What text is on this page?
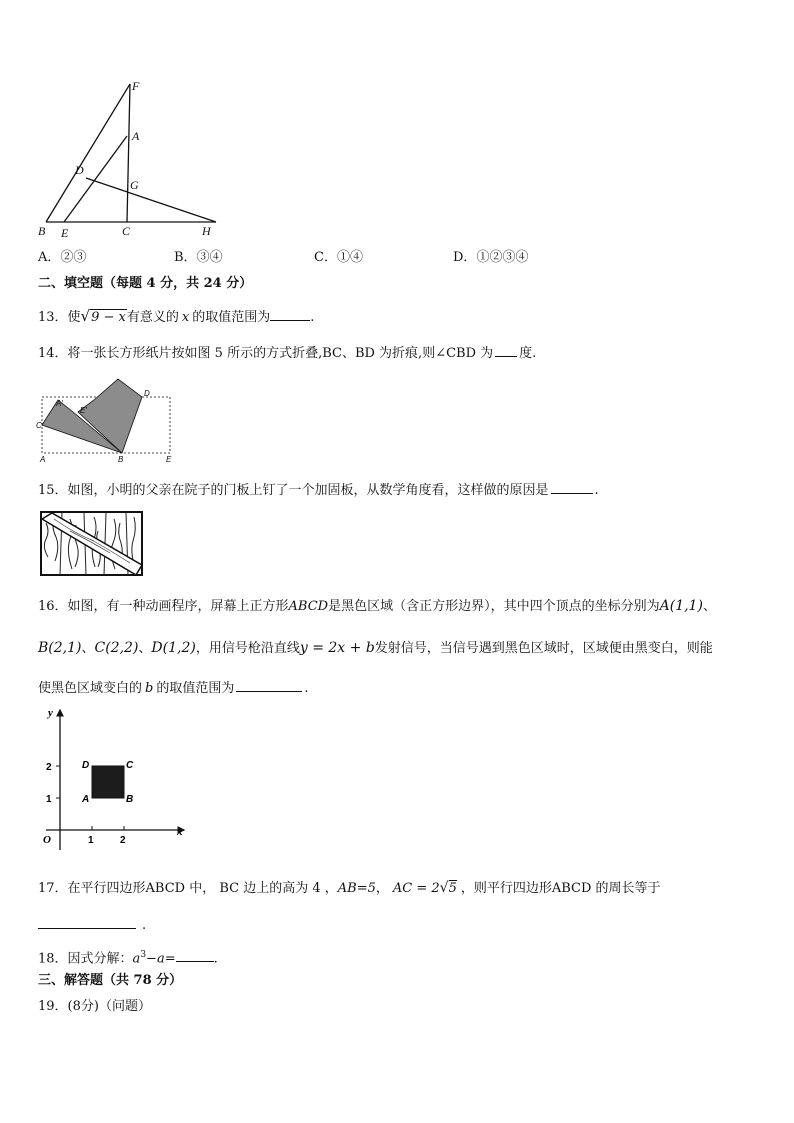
F
A
D
G
B E	C	H
A．②③	B．③④	C．①④	D．①②③④
二、填空题（每题 4 分，共 24 分）
13．使√9 − x有意义的 x 的取值范围为	.
14．将一张长方形纸片按如图 5 所示的方式折叠,BC、BD 为折痕,则∠CBD 为 度.
A'
E'
D
C
A	B	E
15．如图，小明的父亲在院子的门板上钉了一个加固板，从数学角度看，这样做的原因是	.
16．如图，有一种动画程序，屏幕上正方形ABCD是黑色区域（含正方形边界），其中四个顶点的坐标分别为A(1,1)、
B(2,1)、C(2,2)、D(1,2)，用信号枪沿直线y = 2x + b发射信号，当信号遇到黑色区域时，区域便由黑变白，则能
使黑色区域变白的 b 的取值范围为	.
y
x
O	1	2
1
2	D	C
A	B
17．在平行四边形ABCD 中， BC 边上的高为 4 ，AB=5， AC = 2√5 ，则平行四边形ABCD 的周长等于
.
18．因式分解：$a^3-a=$	.
三、解答题（共 78 分）
19．(8分)（问题）
